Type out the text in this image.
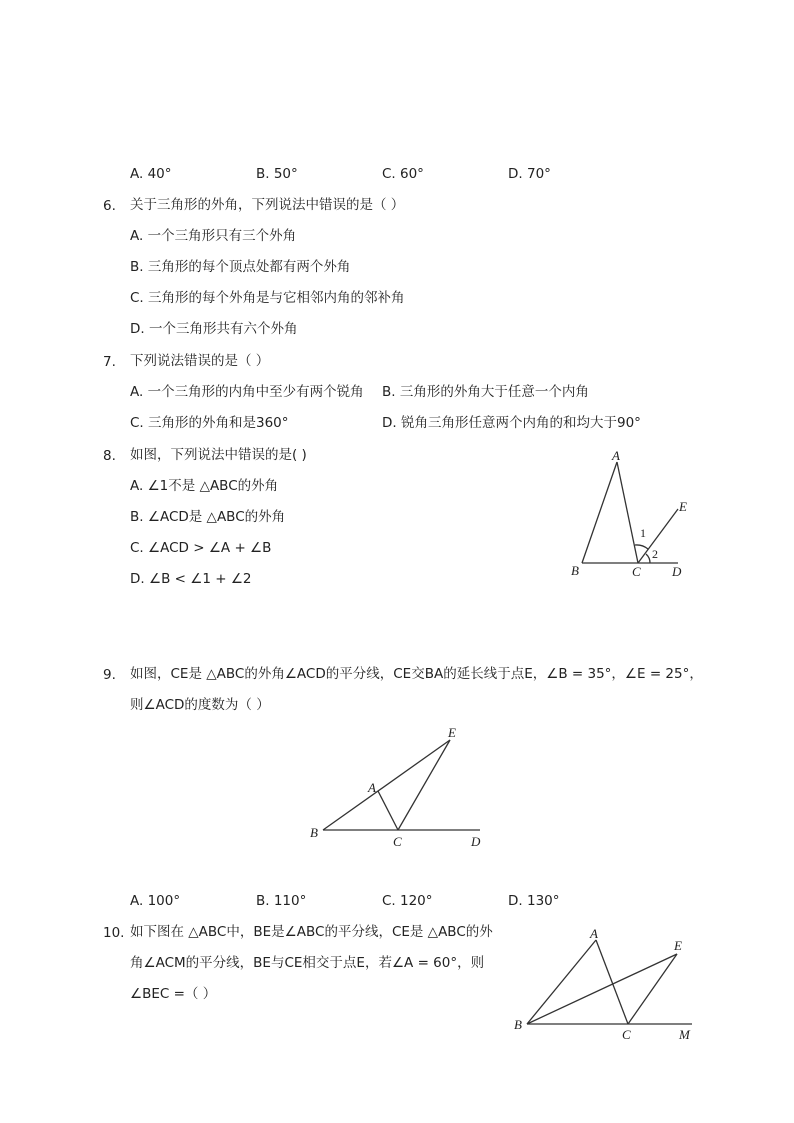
A. 40°	B. 50°	C. 60°	D. 70°
6. 关于三角形的外角，下列说法中错误的是（ ）
A. 一个三角形只有三个外角
B. 三角形的每个顶点处都有两个外角
C. 三角形的每个外角是与它相邻内角的邻补角
D. 一个三角形共有六个外角
7. 下列说法错误的是（ ）
A. 一个三角形的内角中至少有两个锐角 B. 三角形的外角大于任意一个内角
C. 三角形的外角和是360°	D. 锐角三角形任意两个内角的和均大于90°
8. 如图，下列说法中错误的是( )
A. ∠1不是 △ABC的外角
B. ∠ACD是 △ABC的外角
C. ∠ACD > ∠A + ∠B
D. ∠B < ∠1 + ∠2
A
E
1
2
B	C D
9. 如图，CE是 △ABC的外角∠ACD的平分线，CE交BA的延长线于点E，∠B = 35°，∠E = 25°，
则∠ACD的度数为（ ）
E
A
B
C	D
A. 100°	B. 110°	C. 120°	D. 130°
10. 如下图在 △ABC中，BE是∠ABC的平分线，CE是 △ABC的外
角∠ACM的平分线，BE与CE相交于点E，若∠A = 60°，则
∠BEC =（ ）
A
E
B
C	M
